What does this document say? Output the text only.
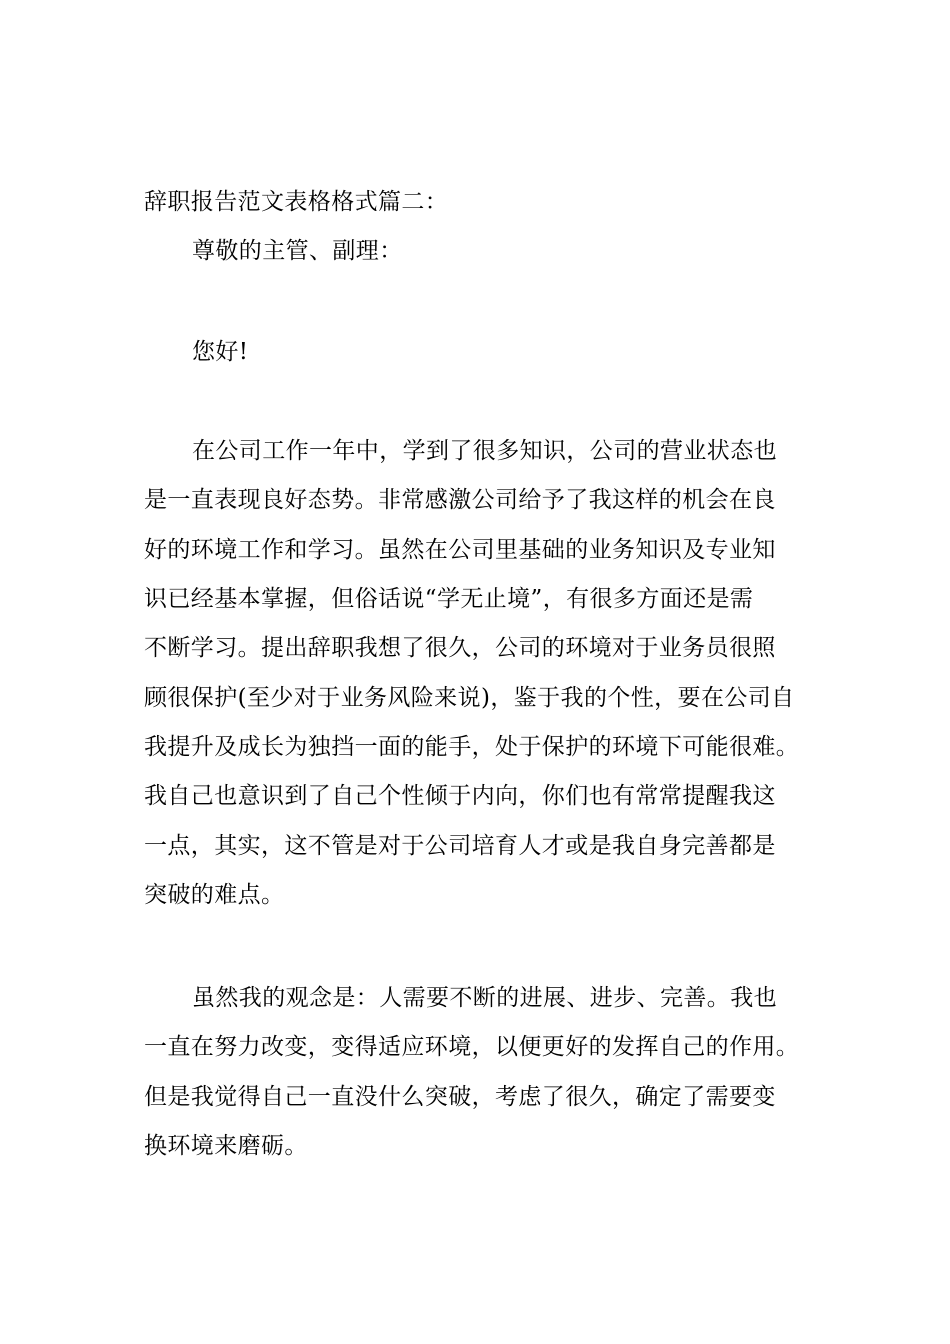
辞职报告范文表格格式篇二：
尊敬的主管、副理：
您好!
在公司工作一年中，学到了很多知识，公司的营业状态也
是一直表现良好态势。非常感激公司给予了我这样的机会在良
好的环境工作和学习。虽然在公司里基础的业务知识及专业知
识已经基本掌握，但俗话说“学无止境”，有很多方面还是需
不断学习。提出辞职我想了很久，公司的环境对于业务员很照
顾很保护(至少对于业务风险来说)，鉴于我的个性，要在公司自
我提升及成长为独挡一面的能手，处于保护的环境下可能很难。
我自己也意识到了自己个性倾于内向，你们也有常常提醒我这
一点，其实，这不管是对于公司培育人才或是我自身完善都是
突破的难点。
虽然我的观念是：人需要不断的进展、进步、完善。我也
一直在努力改变，变得适应环境，以便更好的发挥自己的作用。
但是我觉得自己一直没什么突破，考虑了很久，确定了需要变
换环境来磨砺。
